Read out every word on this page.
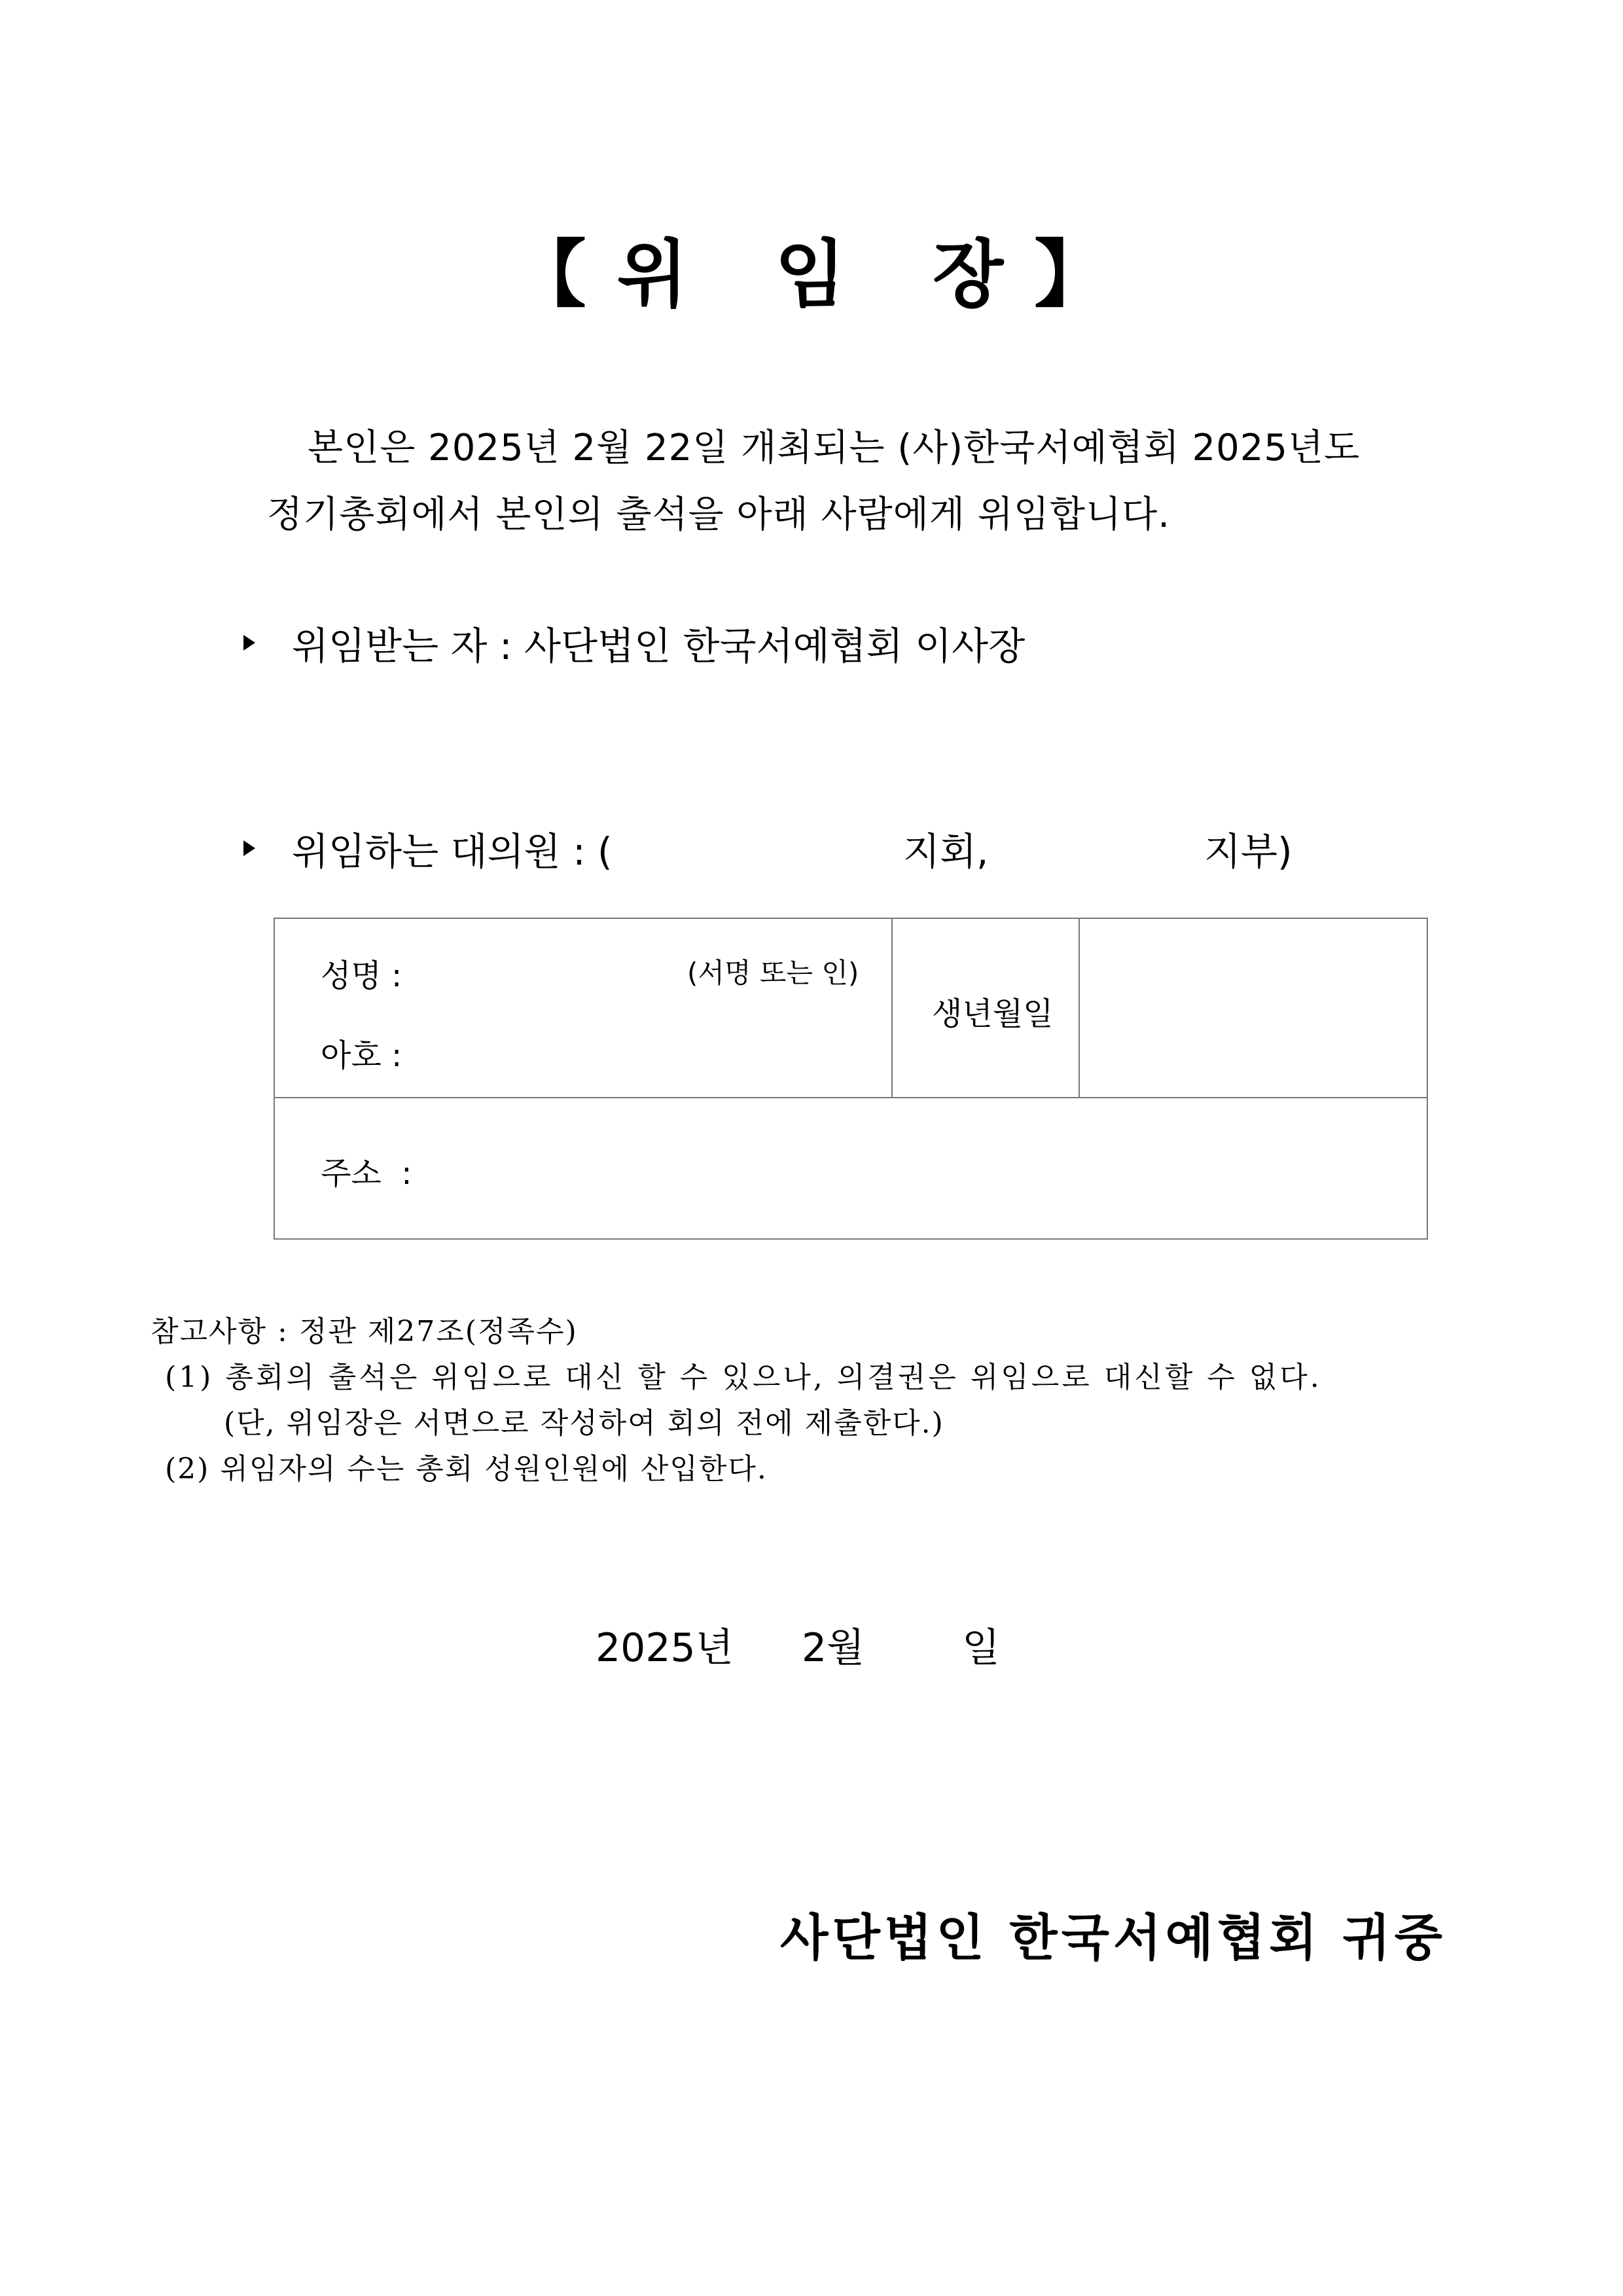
【 위   임   장 】
본인은 2025년 2월 22일 개최되는 (사)한국서예협회 2025년도
정기총회에서 본인의 출석을 아래 사람에게 위임합니다.
위임받는 자 : 사단법인 한국서예협회 이사장
위임하는 대의원 : (	지회,	지부)
성명 :	(서명 또는 인)
아호 :
생년월일
주소  :
참고사항 : 정관 제27조(정족수)
(1) 총회의 출석은 위임으로 대신 할 수 있으나, 의결권은 위임으로 대신할 수 없다.
(단, 위임장은 서면으로 작성하여 회의 전에 제출한다.)
(2) 위임자의 수는 총회 성원인원에 산입한다.
2025년 2월 일
사단법인 한국서예협회 귀중
